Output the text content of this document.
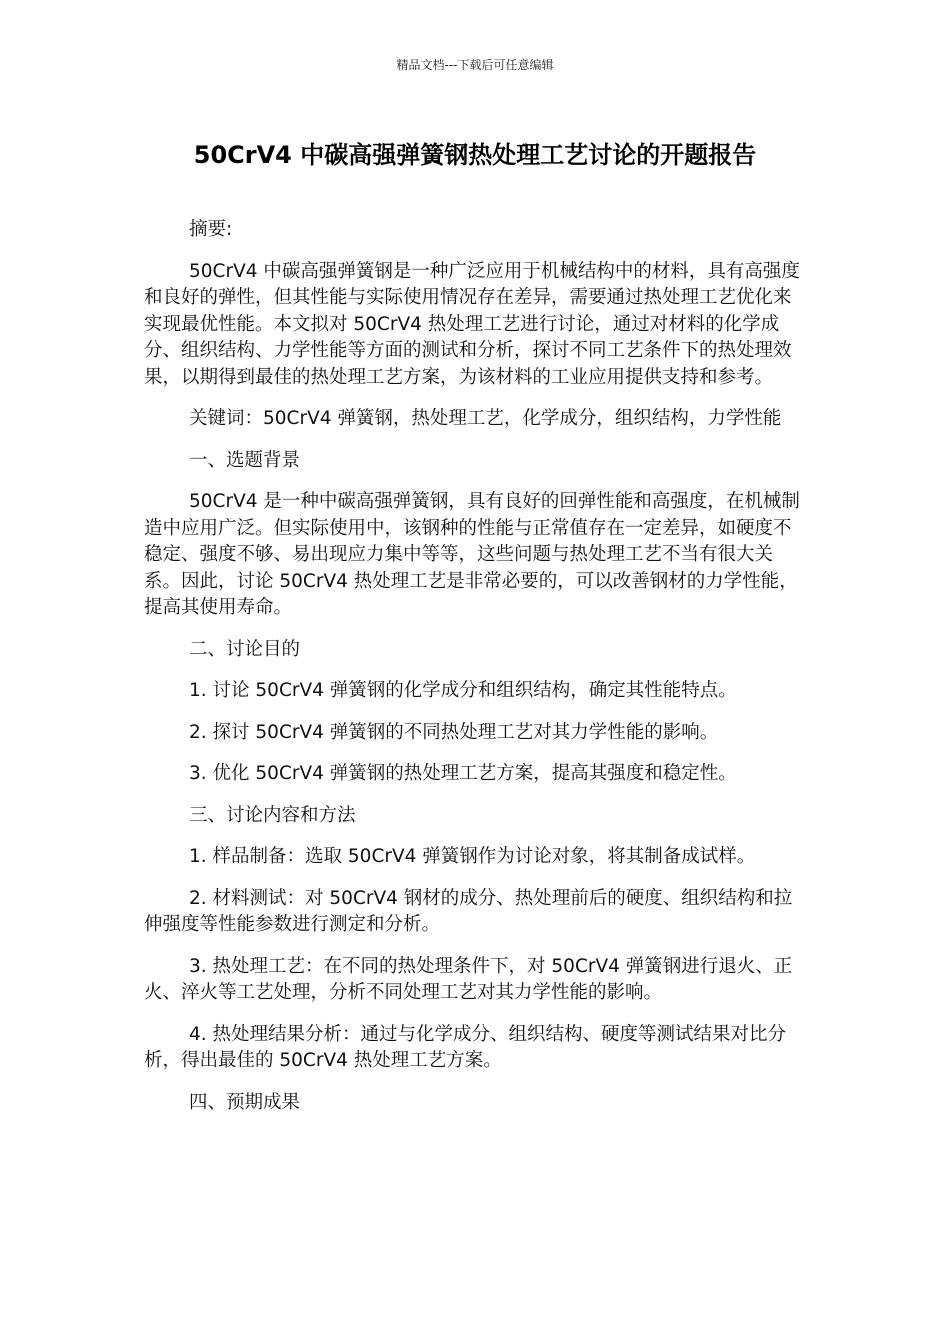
精品文档---下载后可任意编辑
50CrV4 中碳高强弹簧钢热处理工艺讨论的开题报告

摘要:

50CrV4 中碳高强弹簧钢是一种广泛应用于机械结构中的材料，具有高强度和良好的弹性，但其性能与实际使用情况存在差异，需要通过热处理工艺优化来实现最优性能。本文拟对 50CrV4 热处理工艺进行讨论，通过对材料的化学成分、组织结构、力学性能等方面的测试和分析，探讨不同工艺条件下的热处理效果，以期得到最佳的热处理工艺方案，为该材料的工业应用提供支持和参考。

关键词：50CrV4 弹簧钢，热处理工艺，化学成分，组织结构，力学性能

一、选题背景

50CrV4 是一种中碳高强弹簧钢，具有良好的回弹性能和高强度，在机械制造中应用广泛。但实际使用中，该钢种的性能与正常值存在一定差异，如硬度不稳定、强度不够、易出现应力集中等等，这些问题与热处理工艺不当有很大关系。因此，讨论 50CrV4 热处理工艺是非常必要的，可以改善钢材的力学性能，提高其使用寿命。

二、讨论目的

1. 讨论 50CrV4 弹簧钢的化学成分和组织结构，确定其性能特点。

2. 探讨 50CrV4 弹簧钢的不同热处理工艺对其力学性能的影响。

3. 优化 50CrV4 弹簧钢的热处理工艺方案，提高其强度和稳定性。

三、讨论内容和方法

1. 样品制备：选取 50CrV4 弹簧钢作为讨论对象，将其制备成试样。

2. 材料测试：对 50CrV4 钢材的成分、热处理前后的硬度、组织结构和拉伸强度等性能参数进行测定和分析。

3. 热处理工艺：在不同的热处理条件下，对 50CrV4 弹簧钢进行退火、正火、淬火等工艺处理，分析不同处理工艺对其力学性能的影响。

4. 热处理结果分析：通过与化学成分、组织结构、硬度等测试结果对比分析，得出最佳的 50CrV4 热处理工艺方案。

四、预期成果
